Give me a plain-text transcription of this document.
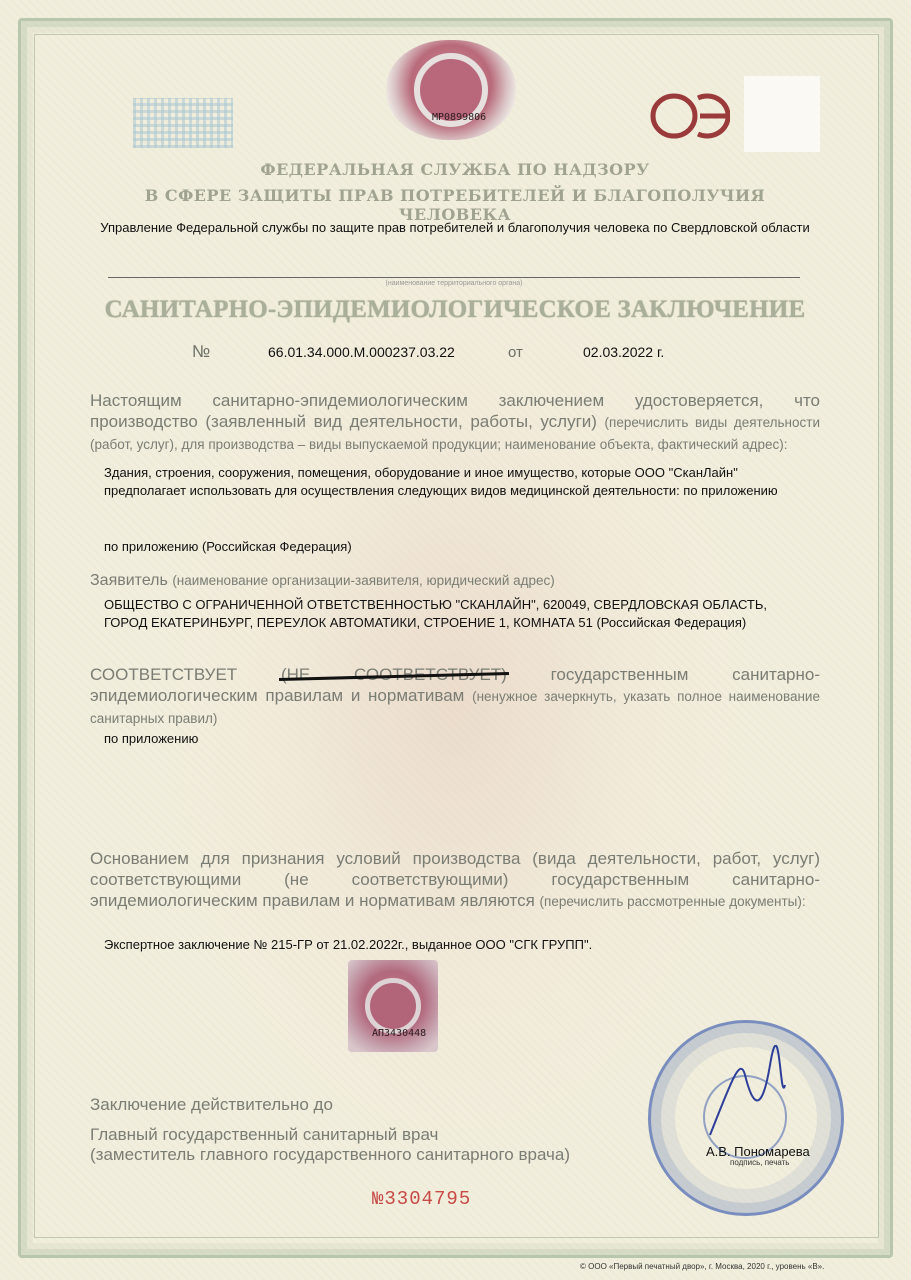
МР0899806
ФЕДЕРАЛЬНАЯ СЛУЖБА ПО НАДЗОРУ
В СФЕРЕ ЗАЩИТЫ ПРАВ ПОТРЕБИТЕЛЕЙ И БЛАГОПОЛУЧИЯ ЧЕЛОВЕКА
Управление Федеральной службы по защите прав потребителей и благополучия человека по Свердловской области
(наименование территориального органа)
САНИТАРНО-ЭПИДЕМИОЛОГИЧЕСКОЕ ЗАКЛЮЧЕНИЕ
№	66.01.34.000.М.000237.03.22	от	02.03.2022 г.
Настоящим санитарно-эпидемиологическим заключением удостоверяется, что производство (заявленный вид деятельности, работы, услуги) (перечислить виды деятельности (работ, услуг), для производства – виды выпускаемой продукции; наименование объекта, фактический адрес):
Здания, строения, сооружения, помещения, оборудование и иное имущество, которые ООО "СканЛайн" предполагает использовать для осуществления следующих видов медицинской деятельности: по приложению
по приложению (Российская Федерация)
Заявитель (наименование организации-заявителя, юридический адрес)
ОБЩЕСТВО С ОГРАНИЧЕННОЙ ОТВЕТСТВЕННОСТЬЮ "СКАНЛАЙН", 620049, СВЕРДЛОВСКАЯ ОБЛАСТЬ, ГОРОД ЕКАТЕРИНБУРГ, ПЕРЕУЛОК АВТОМАТИКИ, СТРОЕНИЕ 1, КОМНАТА 51 (Российская Федерация)
СООТВЕТСТВУЕТ	(НЕ СООТВЕТСТВУЕТ)	государственным санитарно-эпидемиологическим правилам и нормативам (ненужное зачеркнуть, указать полное наименование санитарных правил)
по приложению
Основанием для признания условий производства (вида деятельности, работ, услуг) соответствующими (не соответствующими) государственным санитарно-эпидемиологическим правилам и нормативам являются (перечислить рассмотренные документы):
Экспертное заключение № 215-ГР от 21.02.2022г., выданное ООО "СГК ГРУПП".
АП3430448
Заключение действительно до
Главный государственный санитарный врач
(заместитель главного государственного санитарного врача)	А.В. Пономарева
подпись, печать
№3304795
© ООО «Первый печатный двор», г. Москва, 2020 г., уровень «В».
